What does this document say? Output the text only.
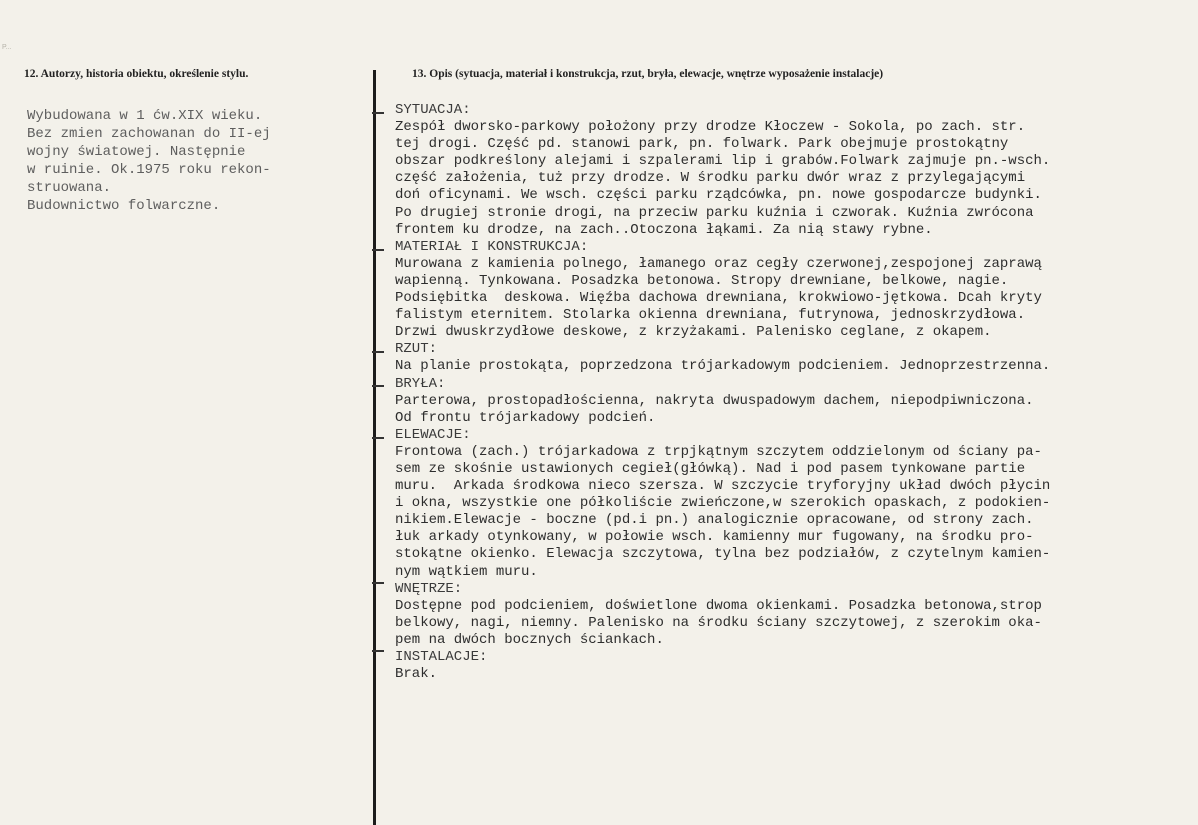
P...
12. Autorzy, historia obiektu, określenie stylu.	13. Opis (sytuacja, materiał i konstrukcja, rzut, bryła, elewacje, wnętrze wyposażenie instalacje)
Wybudowana w 1 ćw.XIX wieku.
Bez zmien zachowanan do II-ej
wojny światowej. Następnie
w ruinie. Ok.1975 roku rekon-
struowana.
Budownictwo folwarczne.
SYTUACJA:
Zespół dworsko-parkowy położony przy drodze Kłoczew - Sokola, po zach. str.
tej drogi. Część pd. stanowi park, pn. folwark. Park obejmuje prostokątny
obszar podkreślony alejami i szpalerami lip i grabów.Folwark zajmuje pn.-wsch.
część założenia, tuż przy drodze. W środku parku dwór wraz z przylegającymi
doń oficynami. We wsch. części parku rządcówka, pn. nowe gospodarcze budynki.
Po drugiej stronie drogi, na przeciw parku kuźnia i czworak. Kuźnia zwrócona
frontem ku drodze, na zach..Otoczona łąkami. Za nią stawy rybne.
MATERIAŁ I KONSTRUKCJA:
Murowana z kamienia polnego, łamanego oraz cegły czerwonej,zespojonej zaprawą
wapienną. Tynkowana. Posadzka betonowa. Stropy drewniane, belkowe, nagie.
Podsiębitka  deskowa. Więźba dachowa drewniana, krokwiowo-jętkowa. Dcah kryty
falistym eternitem. Stolarka okienna drewniana, futrynowa, jednoskrzydłowa.
Drzwi dwuskrzydłowe deskowe, z krzyżakami. Palenisko ceglane, z okapem.
RZUT:
Na planie prostokąta, poprzedzona trójarkadowym podcieniem. Jednoprzestrzenna.
BRYŁA:
Parterowa, prostopadłościenna, nakryta dwuspadowym dachem, niepodpiwniczona.
Od frontu trójarkadowy podcień.
ELEWACJE:
Frontowa (zach.) trójarkadowa z trpjkątnym szczytem oddzielonym od ściany pa-
sem ze skośnie ustawionych cegieł(główką). Nad i pod pasem tynkowane partie
muru.  Arkada środkowa nieco szersza. W szczycie tryforyjny układ dwóch płycin
i okna, wszystkie one półkoliście zwieńczone,w szerokich opaskach, z podokien-
nikiem.Elewacje - boczne (pd.i pn.) analogicznie opracowane, od strony zach.
łuk arkady otynkowany, w połowie wsch. kamienny mur fugowany, na środku pro-
stokątne okienko. Elewacja szczytowa, tylna bez podziałów, z czytelnym kamien-
nym wątkiem muru.
WNĘTRZE:
Dostępne pod podcieniem, doświetlone dwoma okienkami. Posadzka betonowa,strop
belkowy, nagi, niemny. Palenisko na środku ściany szczytowej, z szerokim oka-
pem na dwóch bocznych ściankach.
INSTALACJE:
Brak.
